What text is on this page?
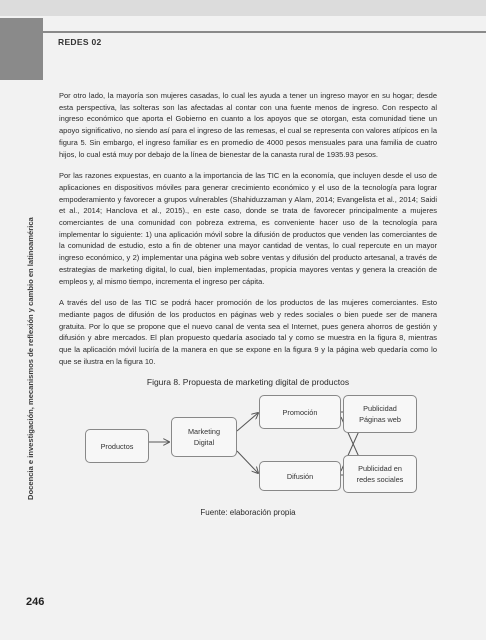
REDES 02
Docencia e investigación, mecanismos de reflexión y cambio en latinoamérica

Por otro lado, la mayoría son mujeres casadas, lo cual les ayuda a tener un ingreso mayor en su hogar; desde esta perspectiva, las solteras son las afectadas al contar con una fuente menos de ingreso. Con respecto al ingreso económico que aporta el Gobierno en cuanto a los apoyos que se otorgan, esta comunidad tiene un apoyo significativo, no siendo así para el ingreso de las remesas, el cual se representa con valores atípicos en la figura 5. Sin embargo, el ingreso familiar es en promedio de 4000 pesos mensuales para una familia de cuatro hijos, lo cual está muy por debajo de la línea de bienestar de la canasta rural de 1935.93 pesos.

Por las razones expuestas, en cuanto a la importancia de las TIC en la economía, que incluyen desde el uso de aplicaciones en dispositivos móviles para generar crecimiento económico y el uso de la tecnología para lograr empoderamiento y favorecer a grupos vulnerables (Shahiduzzaman y Alam, 2014; Evangelista et al., 2014; Saidi et al., 2014; Hanclova et al., 2015)., en este caso, donde se trata de favorecer principalmente a mujeres comerciantes de una comunidad con pobreza extrema, es conveniente hacer uso de la tecnología para implementar lo siguiente: 1) una aplicación móvil sobre la difusión de productos que venden las comerciantes de la comunidad de estudio, esto a fin de obtener una mayor cantidad de ventas, lo cual repercute en un mayor ingreso económico, y 2) implementar una página web sobre ventas y difusión del producto artesanal, a través de estrategias de marketing digital, lo cual, bien implementadas, propicia mayores ventas y genera la creación de empleos y, al mismo tiempo, incrementa el ingreso per cápita.

A través del uso de las TIC se podrá hacer promoción de los productos de las mujeres comerciantes. Esto mediante pagos de difusión de los productos en páginas web y redes sociales o bien puede ser de manera gratuita. Por lo que se propone que el nuevo canal de venta sea el Internet, pues genera ahorros de gestión y difusión y abre mercados. El plan propuesto quedaría asociado tal y como se muestra en la figura 8, mientras que la aplicación móvil luciría de la manera en que se expone en la figura 9 y la página web quedaría como lo que se ilustra en la figura 10.

Figura 8. Propuesta de marketing digital de productos

Productos
Marketing
Digital
Promoción
Difusión
Publicidad
Páginas web
Publicidad en
redes sociales
Fuente: elaboración propia
246
